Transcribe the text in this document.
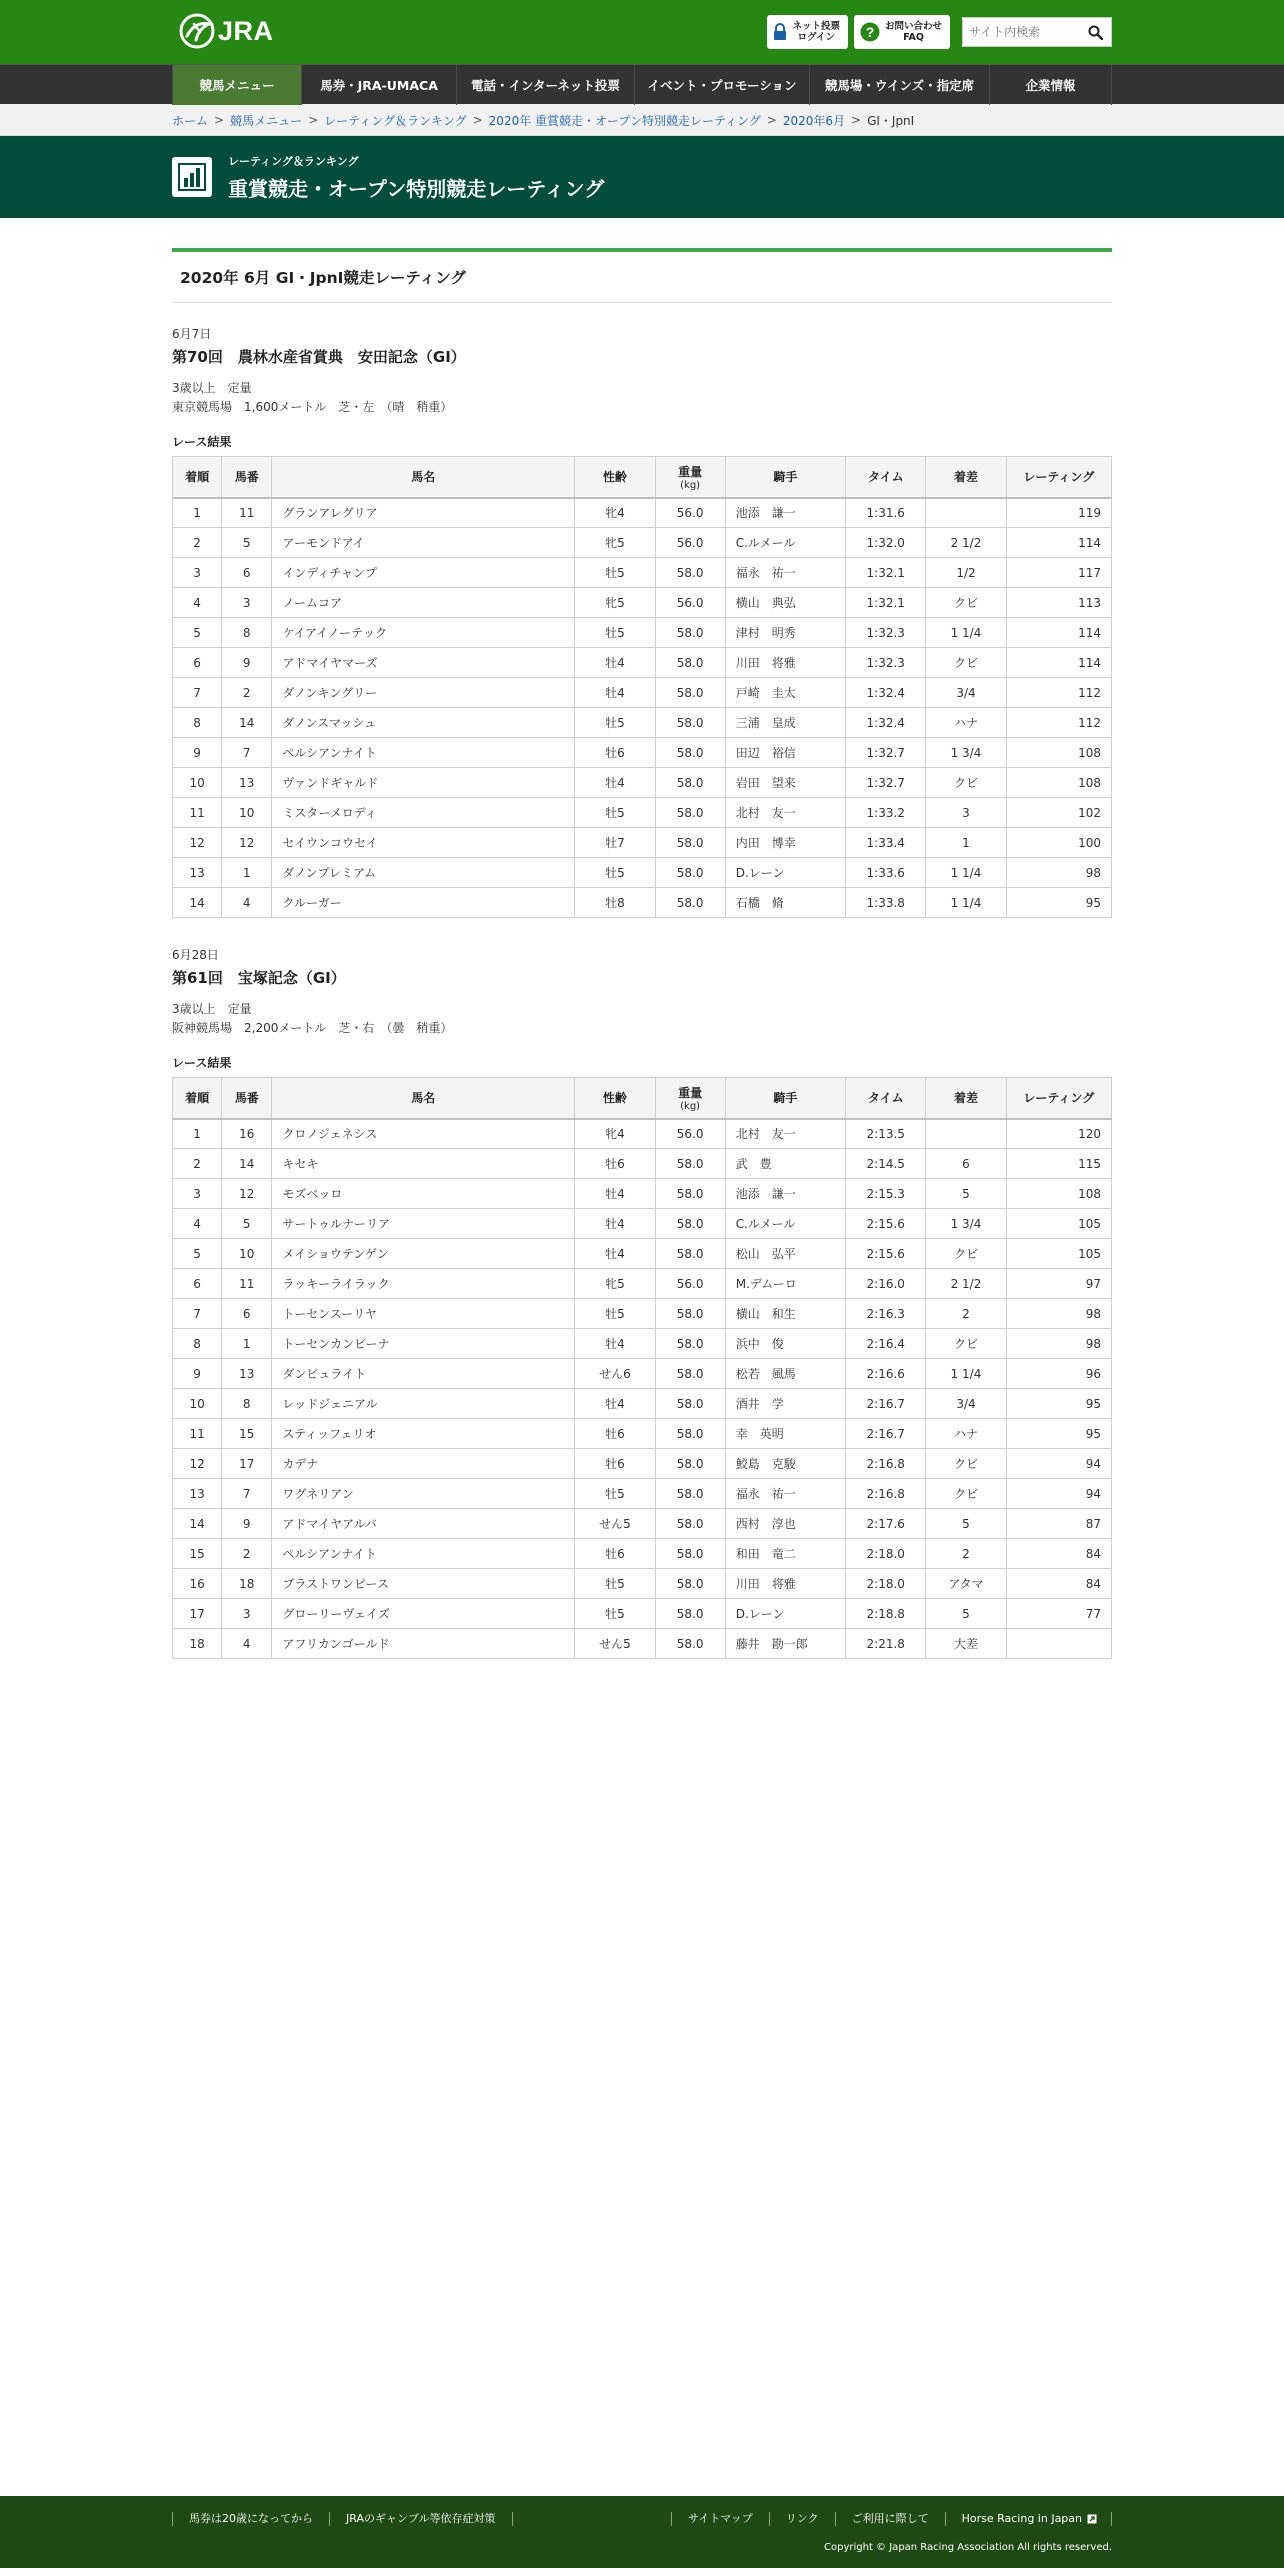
JRA	ネット投票
ログイン	? お問い合わせ
FAQ
サイト内検索
競馬メニュー	馬券・JRA-UMACA	電話・インターネット投票	イベント・プロモーション	競馬場・ウインズ・指定席	企業情報
ホーム > 競馬メニュー > レーティング＆ランキング > 2020年 重賞競走・オープン特別競走レーティング > 2020年6月 > GⅠ・JpnⅠ
レーティング＆ランキング
重賞競走・オープン特別競走レーティング
2020年 6月 GⅠ・JpnⅠ競走レーティング
6月7日
第70回　農林水産省賞典　安田記念（GⅠ）
3歳以上　定量
東京競馬場　1,600メートル　芝・左　（晴　稍重）
レース結果
着順	馬番	馬名	性齢	重量
(kg)	騎手	タイム	着差	レーティング
1	11	グランアレグリア	牝4	56.0	池添　謙一	1:31.6		119
2	5	アーモンドアイ	牝5	56.0	C.ルメール	1:32.0	2 1/2	114
3	6	インディチャンプ	牡5	58.0	福永　祐一	1:32.1	1/2	117
4	3	ノームコア	牝5	56.0	横山　典弘	1:32.1	クビ	113
5	8	ケイアイノーテック	牡5	58.0	津村　明秀	1:32.3	1 1/4	114
6	9	アドマイヤマーズ	牡4	58.0	川田　将雅	1:32.3	クビ	114
7	2	ダノンキングリー	牡4	58.0	戸崎　圭太	1:32.4	3/4	112
8	14	ダノンスマッシュ	牡5	58.0	三浦　皇成	1:32.4	ハナ	112
9	7	ペルシアンナイト	牡6	58.0	田辺　裕信	1:32.7	1 3/4	108
10	13	ヴァンドギャルド	牡4	58.0	岩田　望来	1:32.7	クビ	108
11	10	ミスターメロディ	牡5	58.0	北村　友一	1:33.2	3	102
12	12	セイウンコウセイ	牡7	58.0	内田　博幸	1:33.4	1	100
13	1	ダノンプレミアム	牡5	58.0	D.レーン	1:33.6	1 1/4	98
14	4	クルーガー	牡8	58.0	石橋　脩	1:33.8	1 1/4	95
6月28日
第61回　宝塚記念（GⅠ）
3歳以上　定量
阪神競馬場　2,200メートル　芝・右　（曇　稍重）
レース結果
着順	馬番	馬名	性齢	重量
(kg)	騎手	タイム	着差	レーティング
1	16	クロノジェネシス	牝4	56.0	北村　友一	2:13.5		120
2	14	キセキ	牡6	58.0	武　豊	2:14.5	6	115
3	12	モズベッロ	牡4	58.0	池添　謙一	2:15.3	5	108
4	5	サートゥルナーリア	牡4	58.0	C.ルメール	2:15.6	1 3/4	105
5	10	メイショウテンゲン	牡4	58.0	松山　弘平	2:15.6	クビ	105
6	11	ラッキーライラック	牝5	56.0	M.デムーロ	2:16.0	2 1/2	97
7	6	トーセンスーリヤ	牡5	58.0	横山　和生	2:16.3	2	98
8	1	トーセンカンビーナ	牡4	58.0	浜中　俊	2:16.4	クビ	98
9	13	ダンビュライト	せん6	58.0	松若　風馬	2:16.6	1 1/4	96
10	8	レッドジェニアル	牡4	58.0	酒井　学	2:16.7	3/4	95
11	15	スティッフェリオ	牡6	58.0	幸　英明	2:16.7	ハナ	95
12	17	カデナ	牡6	58.0	鮫島　克駿	2:16.8	クビ	94
13	7	ワグネリアン	牡5	58.0	福永　祐一	2:16.8	クビ	94
14	9	アドマイヤアルバ	せん5	58.0	西村　淳也	2:17.6	5	87
15	2	ペルシアンナイト	牡6	58.0	和田　竜二	2:18.0	2	84
16	18	ブラストワンピース	牡5	58.0	川田　将雅	2:18.0	アタマ	84
17	3	グローリーヴェイズ	牡5	58.0	D.レーン	2:18.8	5	77
18	4	アフリカンゴールド	せん5	58.0	藤井　勘一郎	2:21.8	大差	
馬券は20歳になってから	JRAのギャンブル等依存症対策	サイトマップ	リンク	ご利用に際して	Horse Racing in Japan
Copyright © Japan Racing Association All rights reserved.
